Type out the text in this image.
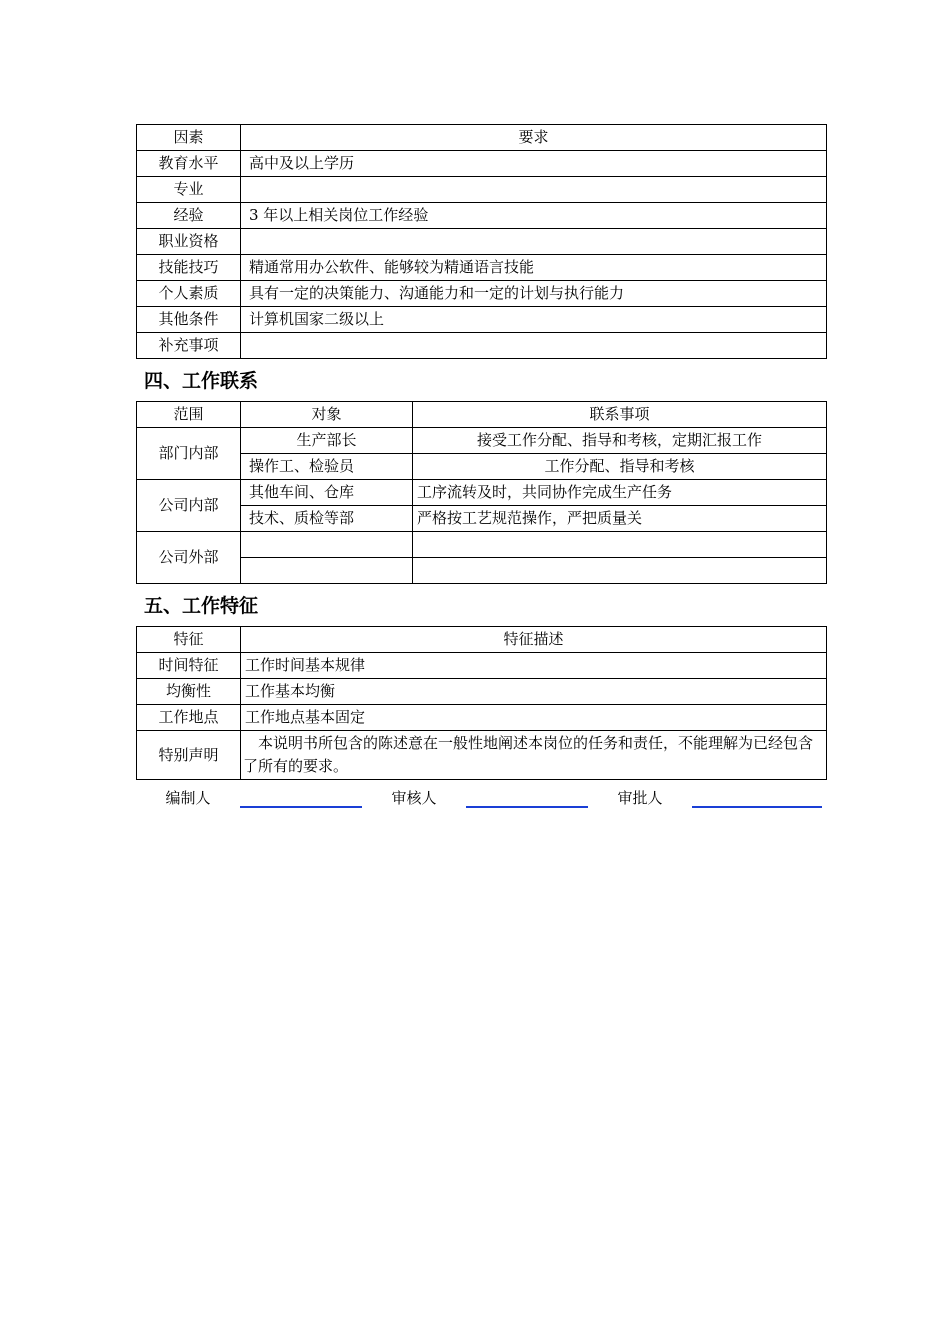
因素	要求
教育水平	高中及以上学历
专业	
经验	3 年以上相关岗位工作经验
职业资格	
技能技巧	精通常用办公软件、能够较为精通语言技能
个人素质	具有一定的决策能力、沟通能力和一定的计划与执行能力
其他条件	计算机国家二级以上
补充事项	
四、工作联系
范围	对象	联系事项
部门内部	生产部长	接受工作分配、指导和考核，定期汇报工作
	操作工、检验员	工作分配、指导和考核
公司内部	其他车间、仓库	工序流转及时，共同协作完成生产任务
	技术、质检等部	严格按工艺规范操作，严把质量关
公司外部		

五、工作特征
特征	特征描述
时间特征	工作时间基本规律
均衡性	工作基本均衡
工作地点	工作地点基本固定
特别声明	　本说明书所包含的陈述意在一般性地阐述本岗位的任务和责任，不能理解为已经包含了所有的要求。
编制人	审核人	审批人
